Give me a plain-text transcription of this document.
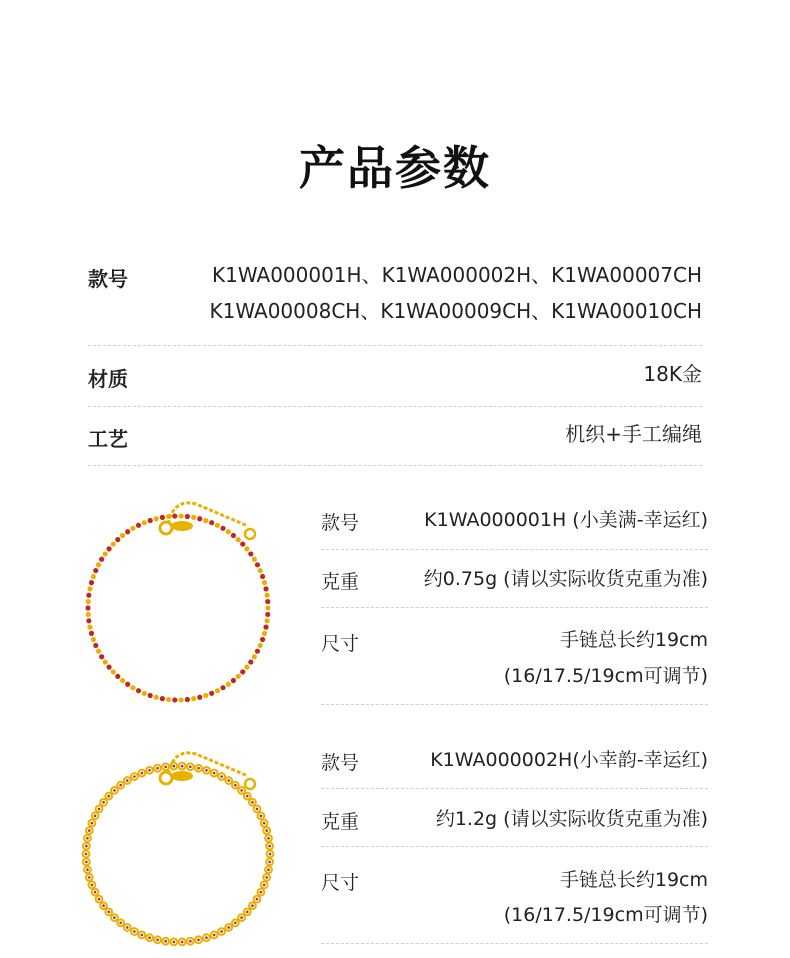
产品参数
款号	K1WA000001H、K1WA000002H、K1WA00007CH
K1WA00008CH、K1WA00009CH、K1WA00010CH
材质	18K金
工艺	机织+手工编绳
款号	K1WA000001H (小美满-幸运红)
克重	约0.75g (请以实际收货克重为准)
尺寸	手链总长约19cm
(16/17.5/19cm可调节)
款号	K1WA000002H(小幸韵-幸运红)
克重	约1.2g (请以实际收货克重为准)
尺寸	手链总长约19cm
(16/17.5/19cm可调节)
